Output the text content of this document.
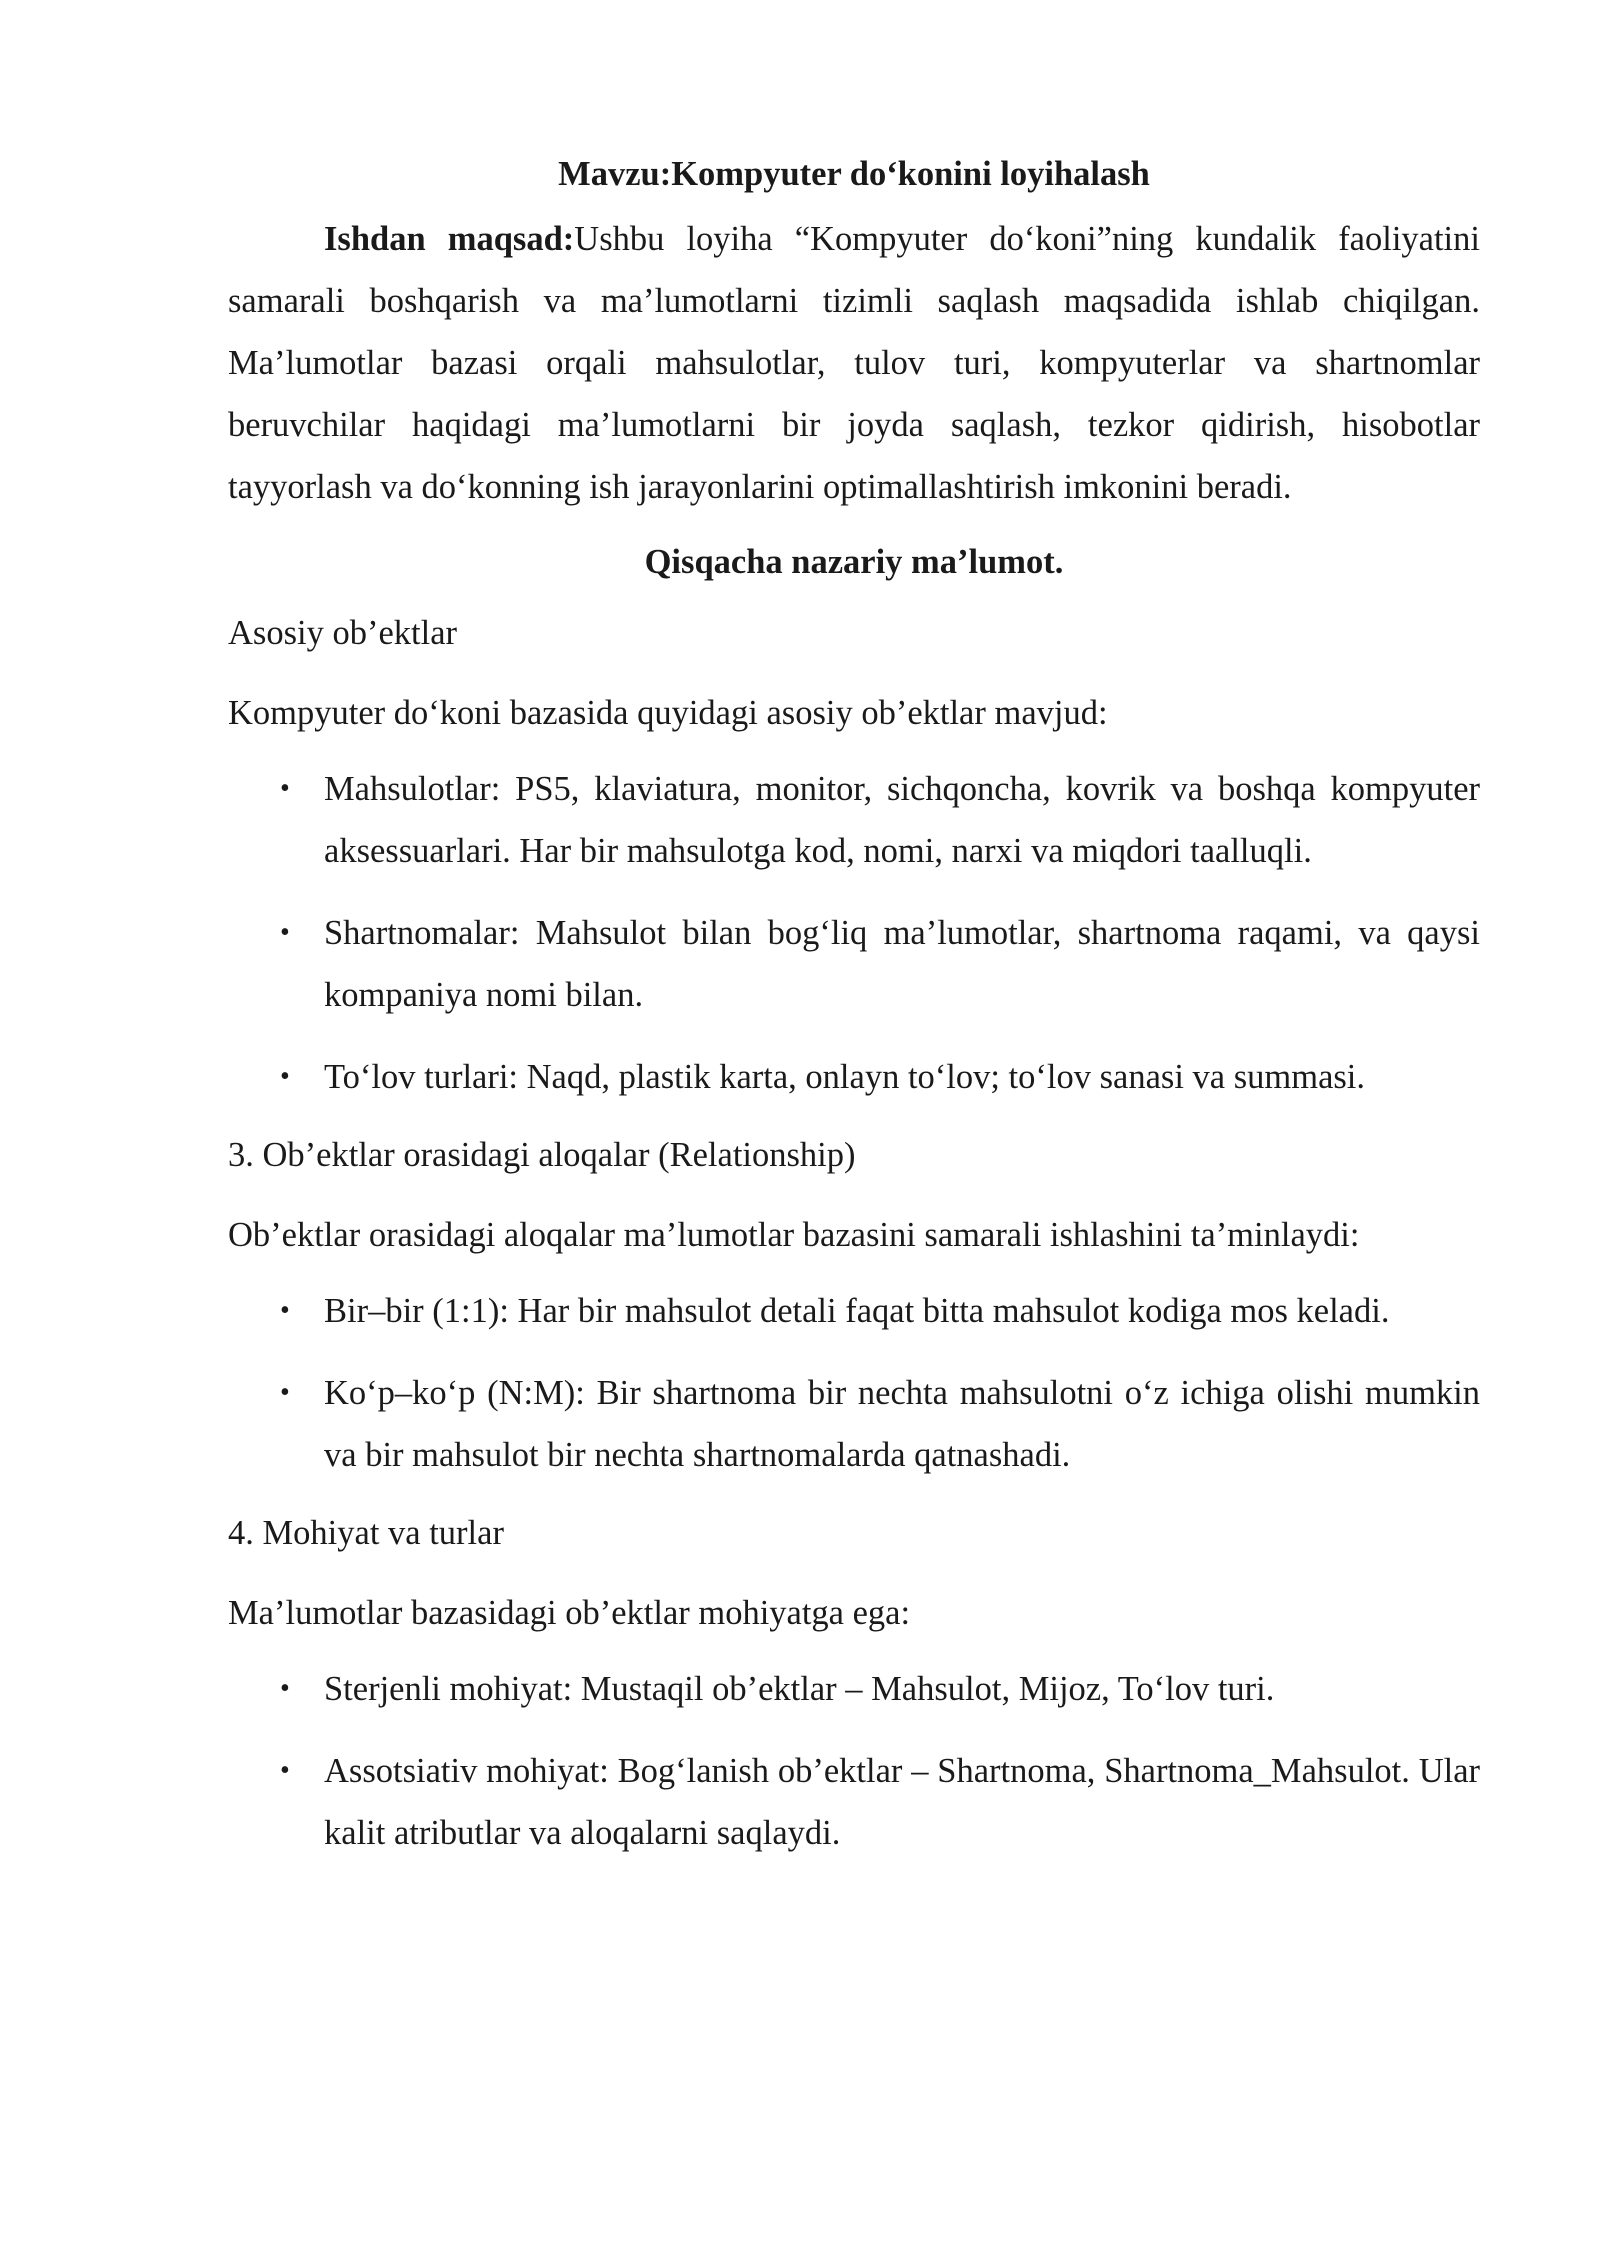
Mavzu:Kompyuter do‘konini loyihalash

Ishdan maqsad:Ushbu loyiha “Kompyuter do‘koni”ning kundalik faoliyatini samarali boshqarish va ma’lumotlarni tizimli saqlash maqsadida ishlab chiqilgan. Ma’lumotlar bazasi orqali mahsulotlar, tulov turi, kompyuterlar va shartnomlar beruvchilar haqidagi ma’lumotlarni bir joyda saqlash, tezkor qidirish, hisobotlar tayyorlash va do‘konning ish jarayonlarini optimallashtirish imkonini beradi.

Qisqacha nazariy ma’lumot.

Asosiy ob’ektlar

Kompyuter do‘koni bazasida quyidagi asosiy ob’ektlar mavjud:

• Mahsulotlar: PS5, klaviatura, monitor, sichqoncha, kovrik va boshqa kompyuter aksessuarlari. Har bir mahsulotga kod, nomi, narxi va miqdori taalluqli.
• Shartnomalar: Mahsulot bilan bog‘liq ma’lumotlar, shartnoma raqami, va qaysi kompaniya nomi bilan.
• To‘lov turlari: Naqd, plastik karta, onlayn to‘lov; to‘lov sanasi va summasi.

3. Ob’ektlar orasidagi aloqalar (Relationship)

Ob’ektlar orasidagi aloqalar ma’lumotlar bazasini samarali ishlashini ta’minlaydi:

• Bir–bir (1:1): Har bir mahsulot detali faqat bitta mahsulot kodiga mos keladi.
• Ko‘p–ko‘p (N:M): Bir shartnoma bir nechta mahsulotni o‘z ichiga olishi mumkin va bir mahsulot bir nechta shartnomalarda qatnashadi.

4. Mohiyat va turlar

Ma’lumotlar bazasidagi ob’ektlar mohiyatga ega:

• Sterjenli mohiyat: Mustaqil ob’ektlar – Mahsulot, Mijoz, To‘lov turi.
• Assotsiativ mohiyat: Bog‘lanish ob’ektlar – Shartnoma, Shartnoma_Mahsulot. Ular kalit atributlar va aloqalarni saqlaydi.
